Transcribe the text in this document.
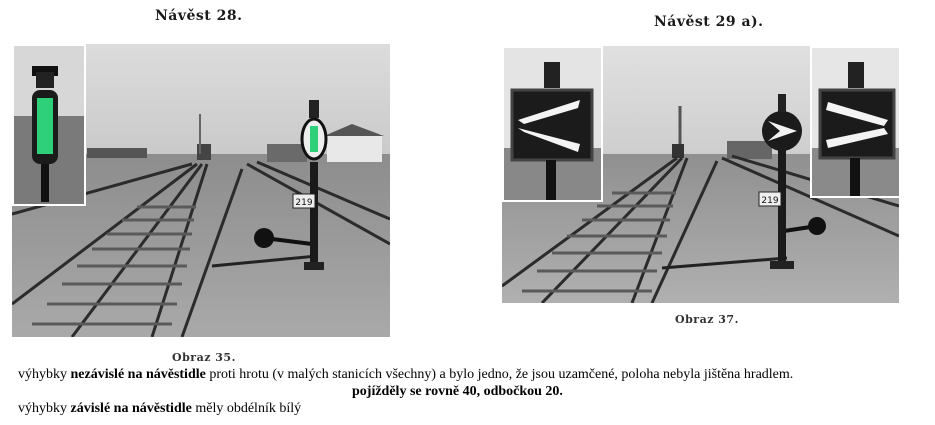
Návěst 28.	Návěst 29 a).
219	219
Obraz 35.
Obraz 37.
výhybky nezávislé na návěstidle proti hrotu (v malých stanicích všechny) a bylo jedno, že jsou uzamčené, poloha nebyla jištěna hradlem.
pojížděly se rovně 40, odbočkou 20.
výhybky závislé na návěstidle měly obdélník bílý
